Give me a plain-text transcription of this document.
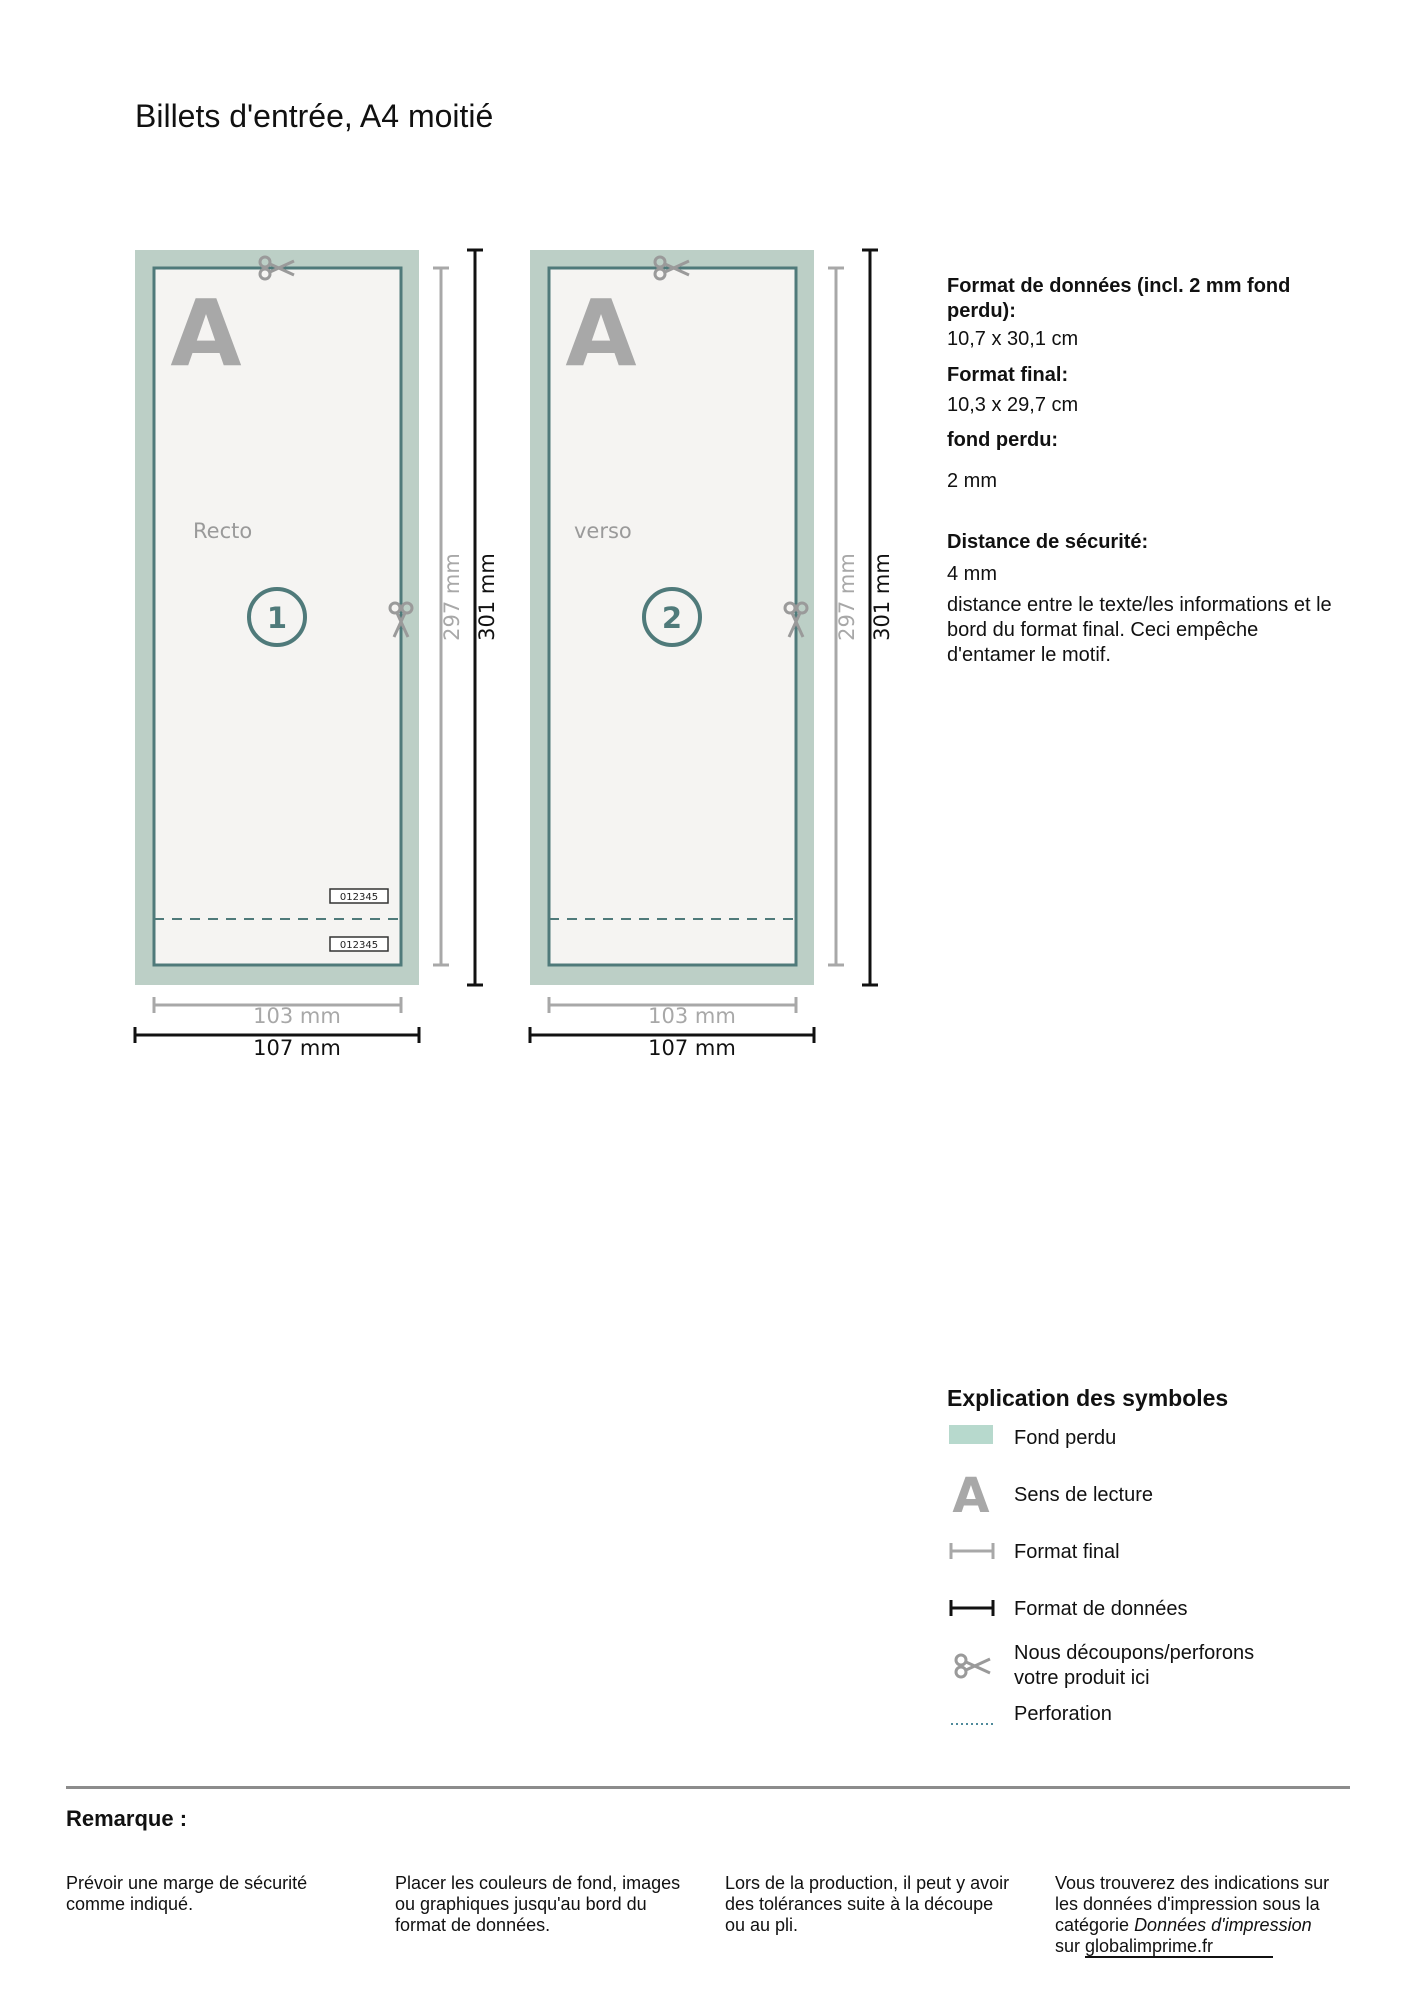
Billets d'entrée, A4 moitié
A
Recto
1
012345
012345
297 mm 301 mm
103 mm
107 mm
A
verso
2	297 mm 301 mm
103 mm
107 mm
A
Format de données (incl. 2 mm fond perdu):
10,7 x 30,1 cm
Format final:
10,3 x 29,7 cm
fond perdu:
2 mm
Distance de sécurité:
4 mm
distance entre le texte/les informations et le bord du format final. Ceci empêche d'entamer le motif.
Explication des symboles
Fond perdu
Sens de lecture
Format final
Format de données
Nous découpons/perforons votre produit ici
Perforation
Remarque :
Prévoir une marge de sécurité comme indiqué.
Placer les couleurs de fond, images ou graphiques jusqu'au bord du format de données.
Lors de la production, il peut y avoir des tolérances suite à la découpe ou au pli.
Vous trouverez des indications sur les données d'impression sous la catégorie Données d'impression
sur globalimprime.fr
